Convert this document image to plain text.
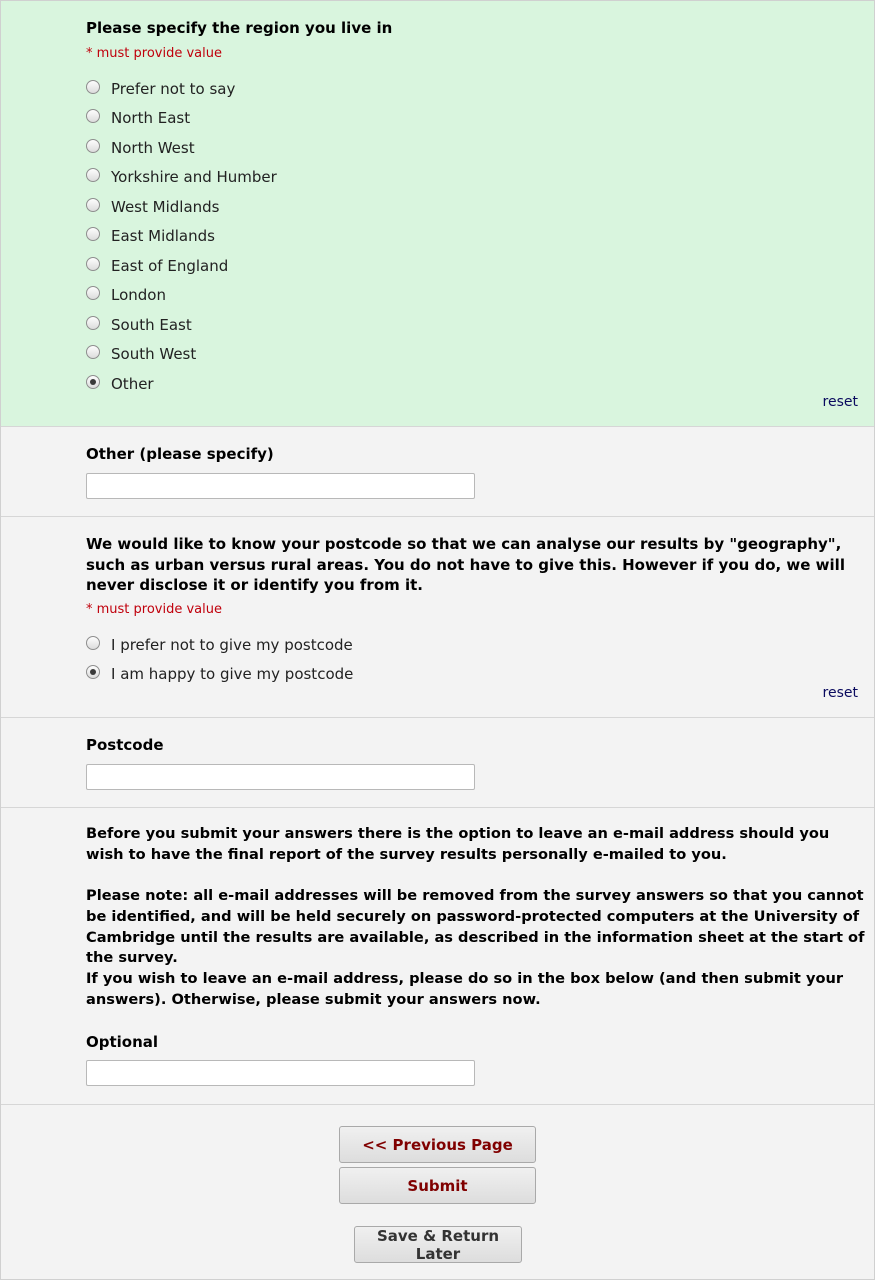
Please specify the region you live in
* must provide value
Prefer not to say
North East
North West
Yorkshire and Humber
West Midlands
East Midlands
East of England
London
South East
South West
Other
reset
Other (please specify)
We would like to know your postcode so that we can analyse our results by "geography", such as urban versus rural areas. You do not have to give this. However if you do, we will never disclose it or identify you from it.
* must provide value
I prefer not to give my postcode
I am happy to give my postcode
reset
Postcode
Before you submit your answers there is the option to leave an e-mail address should you wish to have the final report of the survey results personally e-mailed to you.
Please note: all e-mail addresses will be removed from the survey answers so that you cannot be identified, and will be held securely on password-protected computers at the University of Cambridge until the results are available, as described in the information sheet at the start of the survey.
If you wish to leave an e-mail address, please do so in the box below (and then submit your answers). Otherwise, please submit your answers now.
Optional
<< Previous Page
Submit
Save & Return Later
